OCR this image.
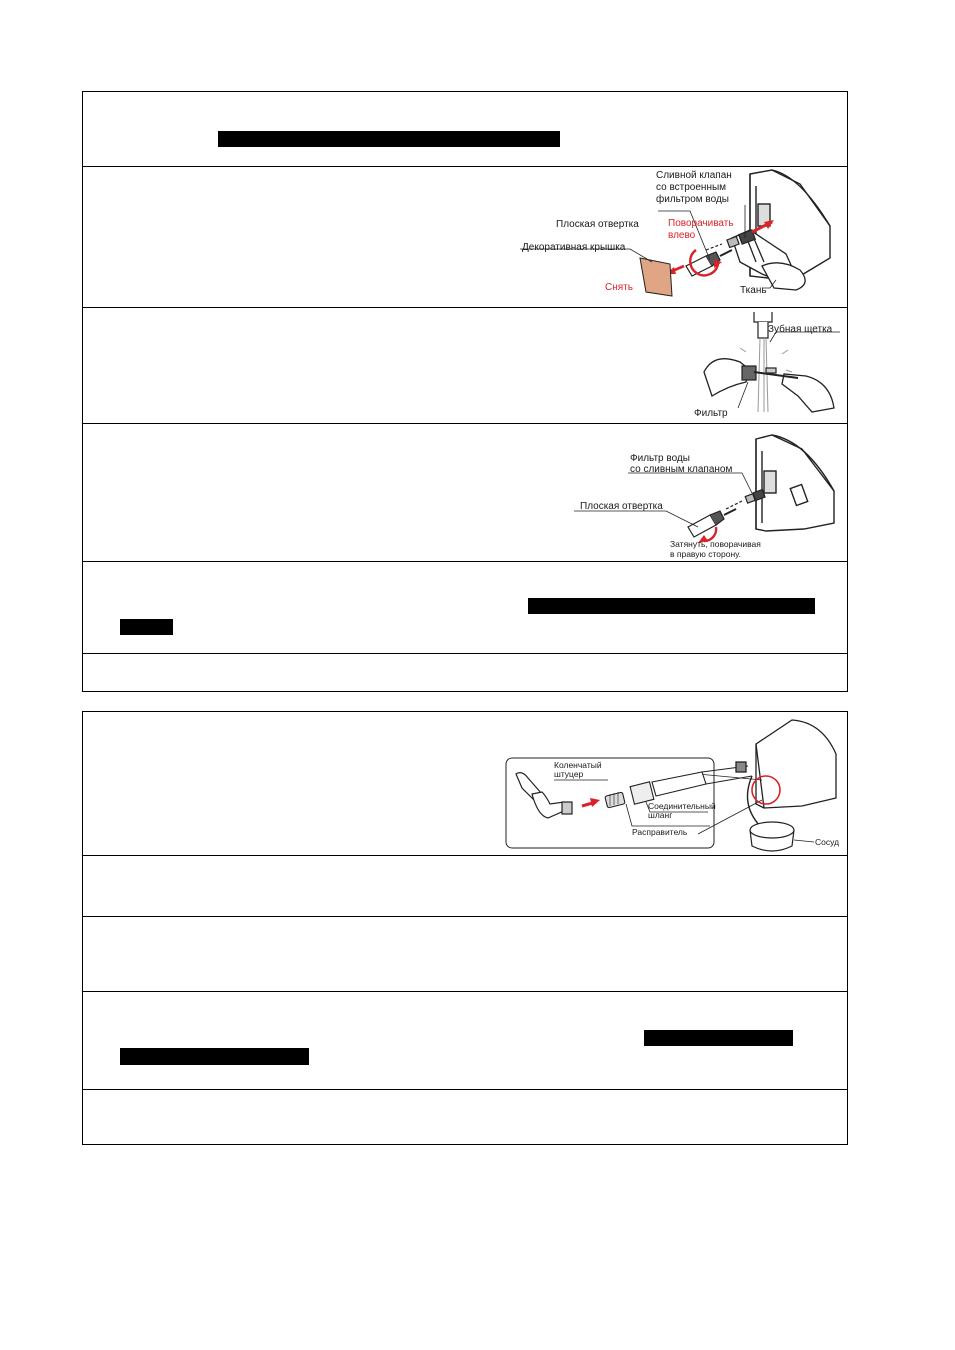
Сливной клапан
со встроенным
фильтром воды
Плоская отвертка	Поворачивать
влево
Декоративная крышка
Снять	Ткань
Зубная щетка
Фильтр
Фильтр воды
со сливным клапаном
Плоская отвертка
Затянуть, поворачивая
в правую сторону.
Коленчатый
штуцер
Соединительный
шланг
Расправитель
Сосуд
